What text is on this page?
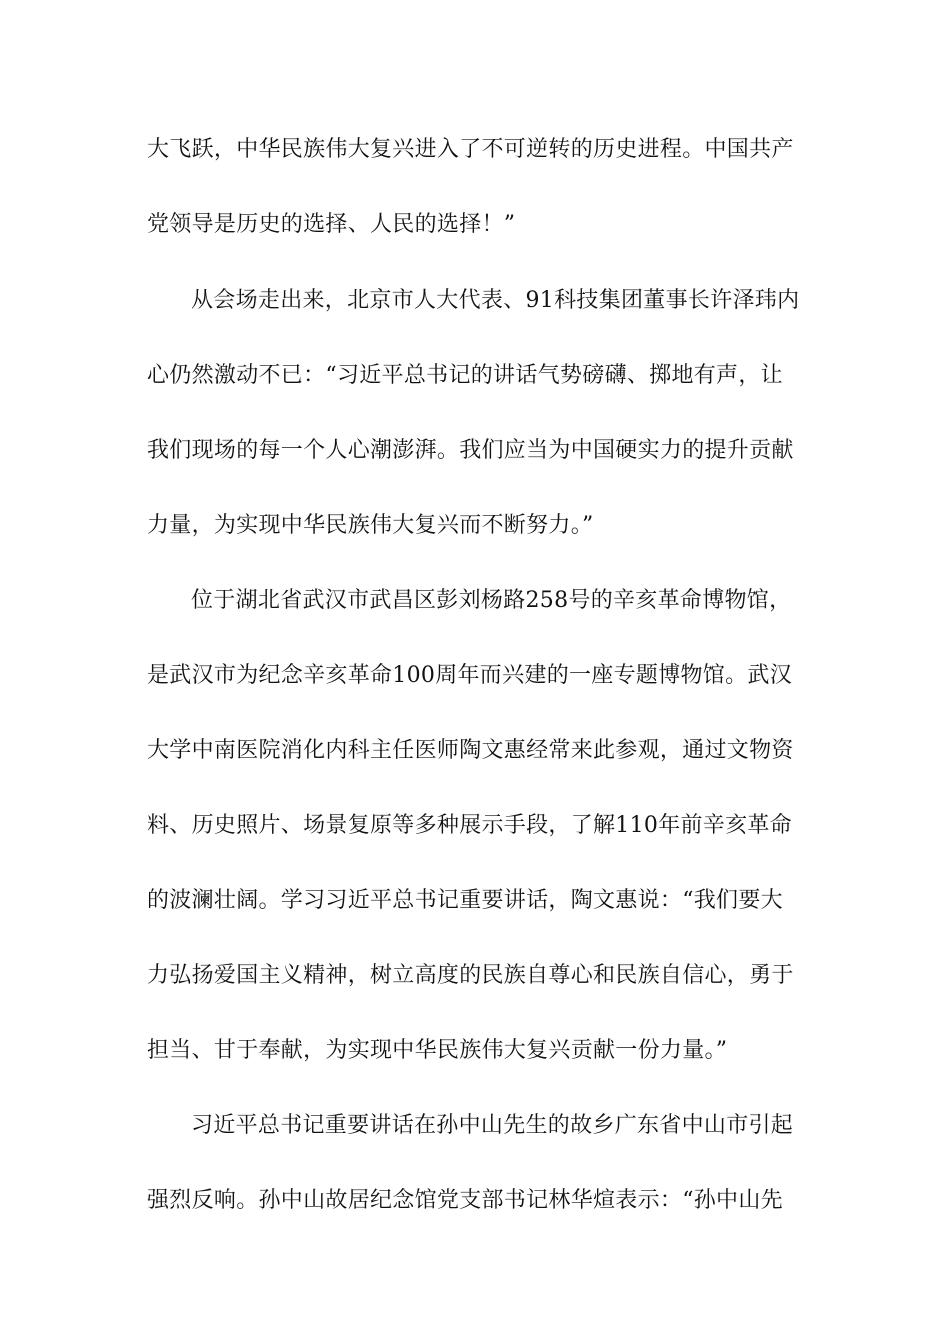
大飞跃，中华民族伟大复兴进入了不可逆转的历史进程。中国共产
党领导是历史的选择、人民的选择！”
从会场走出来，北京市人大代表、91科技集团董事长许泽玮内
心仍然激动不已：“习近平总书记的讲话气势磅礴、掷地有声，让
我们现场的每一个人心潮澎湃。我们应当为中国硬实力的提升贡献
力量，为实现中华民族伟大复兴而不断努力。”
位于湖北省武汉市武昌区彭刘杨路258号的辛亥革命博物馆，
是武汉市为纪念辛亥革命100周年而兴建的一座专题博物馆。武汉
大学中南医院消化内科主任医师陶文惠经常来此参观，通过文物资
料、历史照片、场景复原等多种展示手段，了解110年前辛亥革命
的波澜壮阔。学习习近平总书记重要讲话，陶文惠说：“我们要大
力弘扬爱国主义精神，树立高度的民族自尊心和民族自信心，勇于
担当、甘于奉献，为实现中华民族伟大复兴贡献一份力量。”
习近平总书记重要讲话在孙中山先生的故乡广东省中山市引起
强烈反响。孙中山故居纪念馆党支部书记林华煊表示：“孙中山先
